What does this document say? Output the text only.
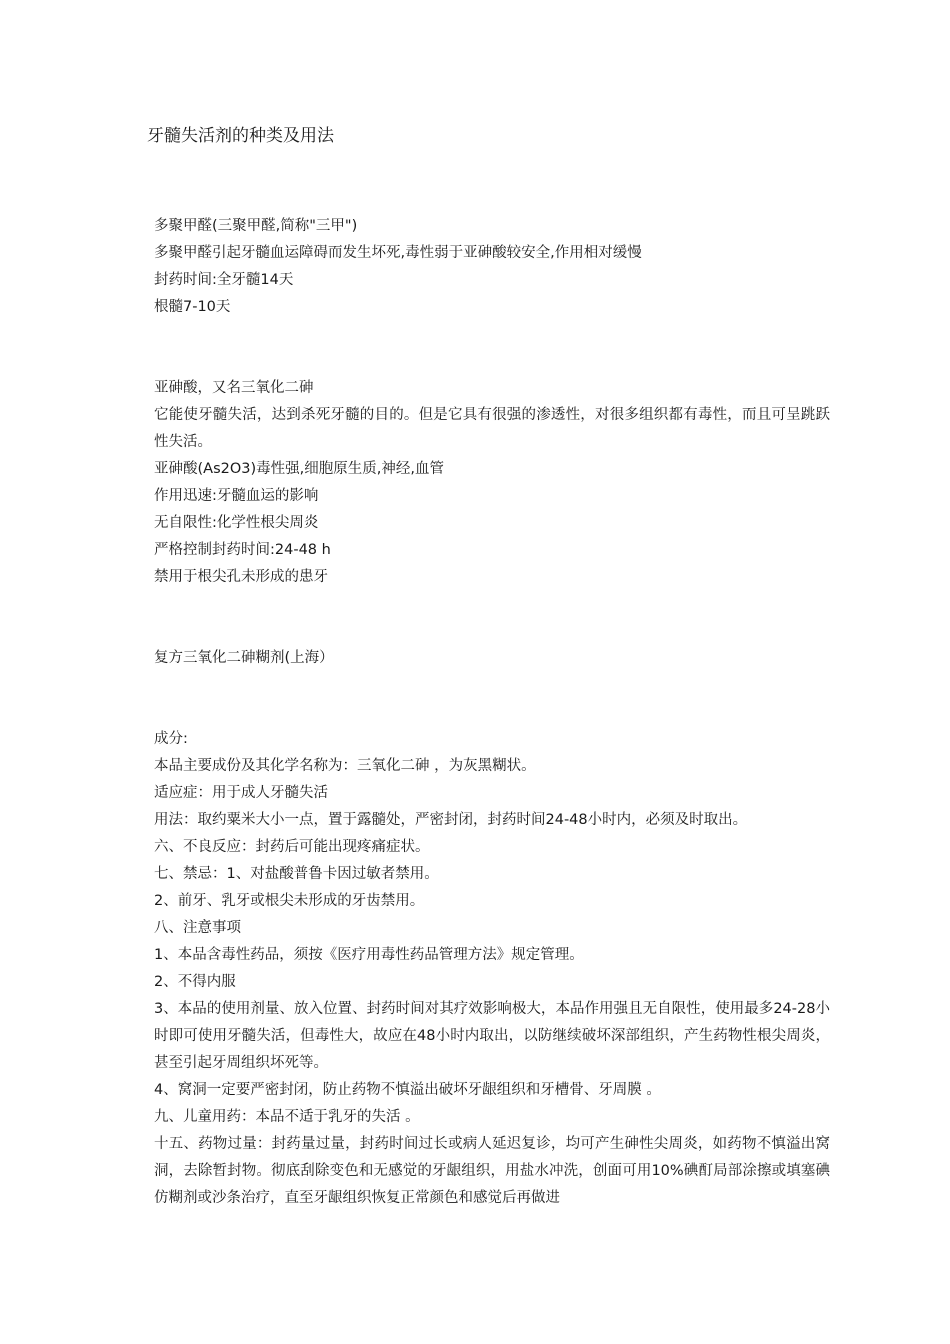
牙髓失活剂的种类及用法
多聚甲醛(三聚甲醛,简称"三甲")
多聚甲醛引起牙髓血运障碍而发生坏死,毒性弱于亚砷酸较安全,作用相对缓慢
封药时间:全牙髓14天
根髓7-10天
亚砷酸，又名三氧化二砷
它能使牙髓失活，达到杀死牙髓的目的。但是它具有很强的渗透性，对很多组织都有毒性，而且可呈跳跃性失活。
亚砷酸(As2O3)毒性强,细胞原生质,神经,血管
作用迅速:牙髓血运的影响
无自限性:化学性根尖周炎
严格控制封药时间:24-48 h
禁用于根尖孔未形成的患牙
复方三氧化二砷糊剂(上海）
成分:
本品主要成份及其化学名称为：三氧化二砷 ，为灰黑糊状。
适应症：用于成人牙髓失活
用法：取约粟米大小一点，置于露髓处，严密封闭，封药时间24-48小时内，必须及时取出。
六、不良反应：封药后可能出现疼痛症状。
七、禁忌：1、对盐酸普鲁卡因过敏者禁用。
2、前牙、乳牙或根尖未形成的牙齿禁用。
八、注意事项
1、本品含毒性药品，须按《医疗用毒性药品管理方法》规定管理。
2、不得内服
3、本品的使用剂量、放入位置、封药时间对其疗效影响极大，本品作用强且无自限性，使用最多24-28小时即可使用牙髓失活，但毒性大，故应在48小时内取出，以防继续破坏深部组织，产生药物性根尖周炎，甚至引起牙周组织坏死等。
4、窝洞一定要严密封闭，防止药物不慎溢出破坏牙龈组织和牙槽骨、牙周膜 。
九、儿童用药：本品不适于乳牙的失活 。
十五、药物过量：封药量过量，封药时间过长或病人延迟复诊，均可产生砷性尖周炎，如药物不慎溢出窝洞，去除暂封物。彻底刮除变色和无感觉的牙龈组织，用盐水冲洗，创面可用10%碘酊局部涂擦或填塞碘仿糊剂或沙条治疗，直至牙龈组织恢复正常颜色和感觉后再做进
